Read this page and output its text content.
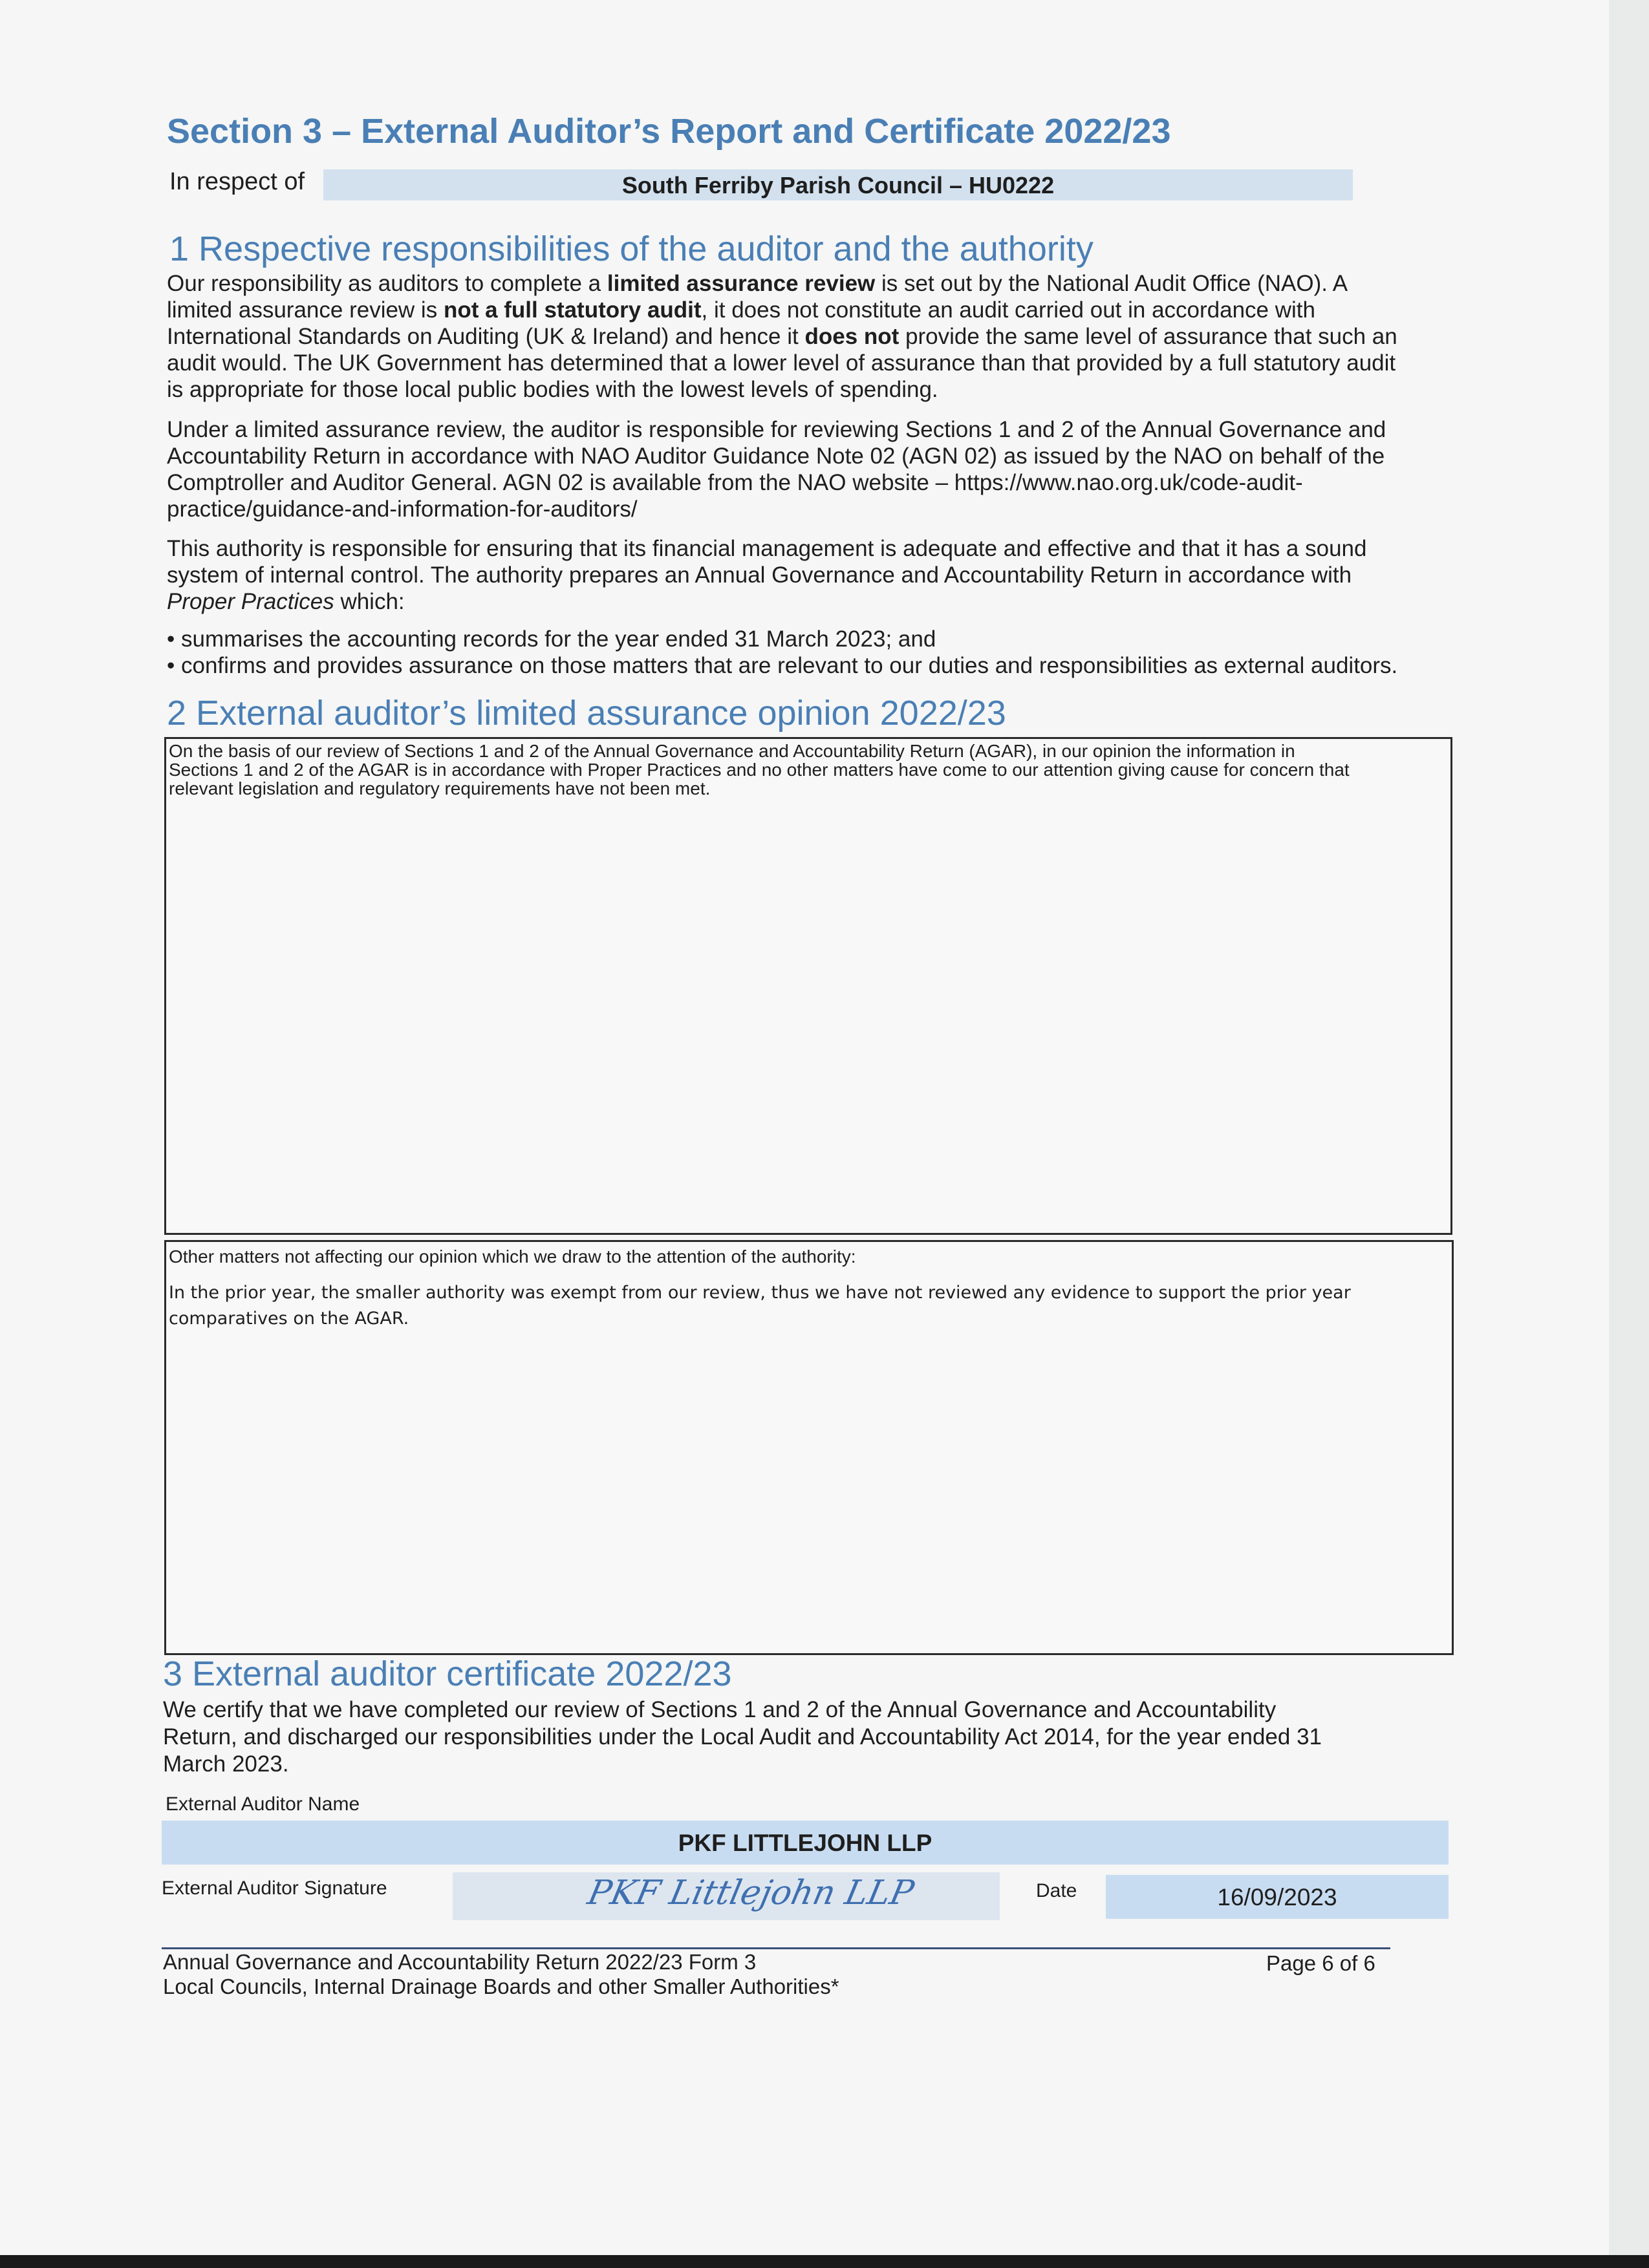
Section 3 – External Auditor’s Report and Certificate 2022/23
In respect of	South Ferriby Parish Council – HU0222
1 Respective responsibilities of the auditor and the authority
Our responsibility as auditors to complete a limited assurance review is set out by the National Audit Office (NAO). A
limited assurance review is not a full statutory audit, it does not constitute an audit carried out in accordance with
International Standards on Auditing (UK & Ireland) and hence it does not provide the same level of assurance that such an
audit would. The UK Government has determined that a lower level of assurance than that provided by a full statutory audit
is appropriate for those local public bodies with the lowest levels of spending.
Under a limited assurance review, the auditor is responsible for reviewing Sections 1 and 2 of the Annual Governance and
Accountability Return in accordance with NAO Auditor Guidance Note 02 (AGN 02) as issued by the NAO on behalf of the
Comptroller and Auditor General. AGN 02 is available from the NAO website – https://www.nao.org.uk/code-audit-
practice/guidance-and-information-for-auditors/
This authority is responsible for ensuring that its financial management is adequate and effective and that it has a sound
system of internal control. The authority prepares an Annual Governance and Accountability Return in accordance with
Proper Practices which:
• summarises the accounting records for the year ended 31 March 2023; and
• confirms and provides assurance on those matters that are relevant to our duties and responsibilities as external auditors.
2 External auditor’s limited assurance opinion 2022/23
On the basis of our review of Sections 1 and 2 of the Annual Governance and Accountability Return (AGAR), in our opinion the information in
Sections 1 and 2 of the AGAR is in accordance with Proper Practices and no other matters have come to our attention giving cause for concern that
relevant legislation and regulatory requirements have not been met.
Other matters not affecting our opinion which we draw to the attention of the authority:
In the prior year, the smaller authority was exempt from our review, thus we have not reviewed any evidence to support the prior year
comparatives on the AGAR.
3 External auditor certificate 2022/23
We certify that we have completed our review of Sections 1 and 2 of the Annual Governance and Accountability
Return, and discharged our responsibilities under the Local Audit and Accountability Act 2014, for the year ended 31
March 2023.
External Auditor Name
PKF LITTLEJOHN LLP
External Auditor Signature	PKF Littlejohn LLP	Date	16/09/2023
Annual Governance and Accountability Return 2022/23 Form 3
Local Councils, Internal Drainage Boards and other Smaller Authorities*
Page 6 of 6
